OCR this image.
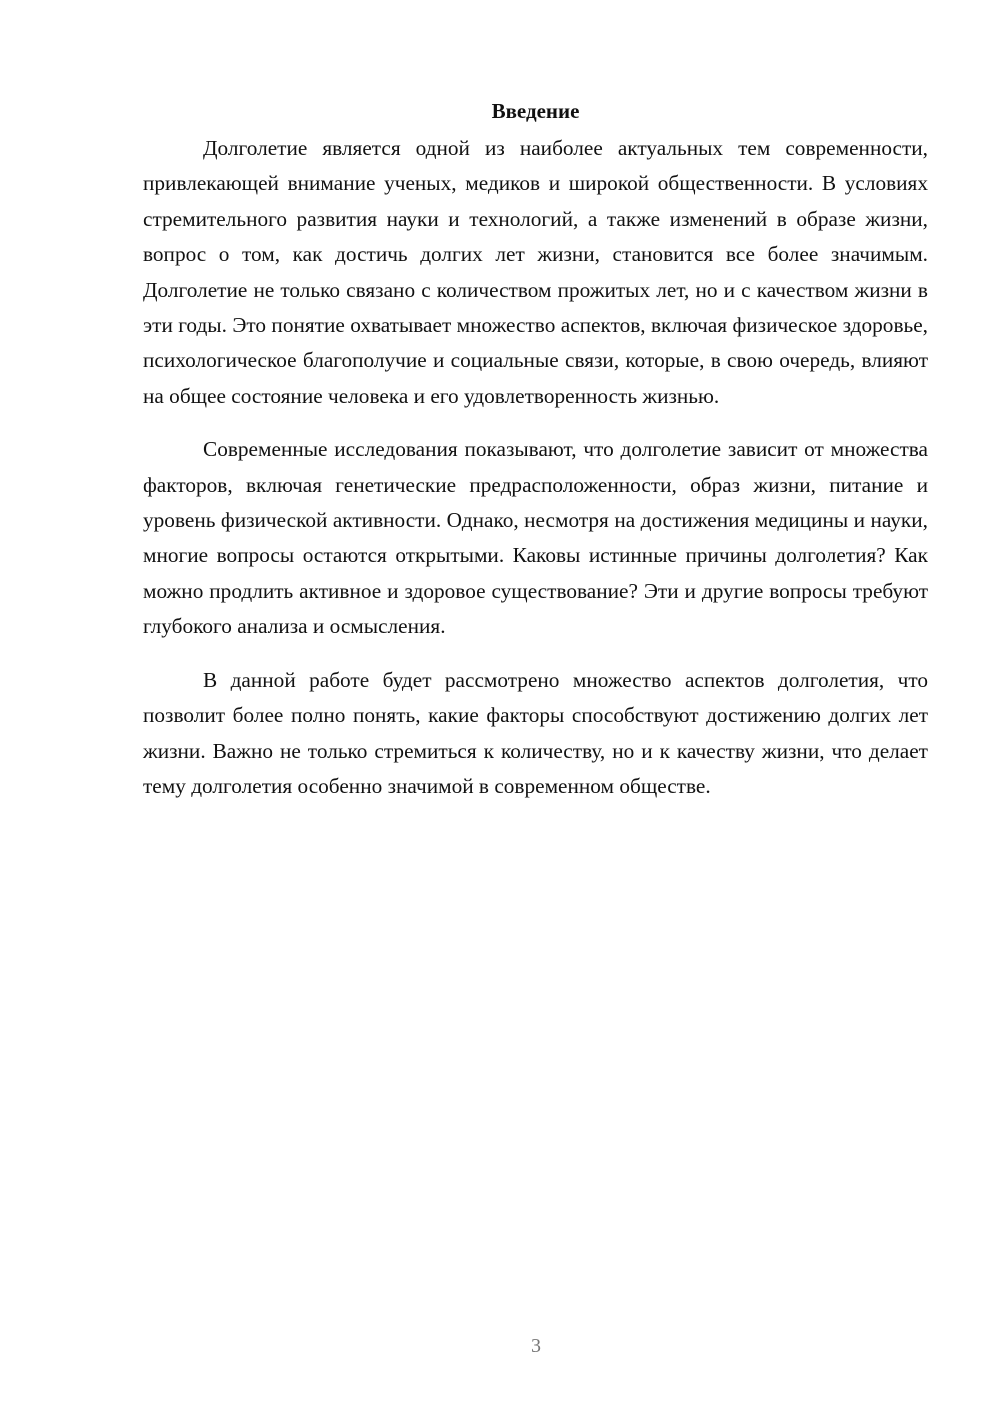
Введение

Долголетие является одной из наиболее актуальных тем современности, привлекающей внимание ученых, медиков и широкой общественности. В условиях стремительного развития науки и технологий, а также изменений в образе жизни, вопрос о том, как достичь долгих лет жизни, становится все более значимым. Долголетие не только связано с количеством прожитых лет, но и с качеством жизни в эти годы. Это понятие охватывает множество аспектов, включая физическое здоровье, психологическое благополучие и социальные связи, которые, в свою очередь, влияют на общее состояние человека и его удовлетворенность жизнью.

Современные исследования показывают, что долголетие зависит от множества факторов, включая генетические предрасположенности, образ жизни, питание и уровень физической активности. Однако, несмотря на достижения медицины и науки, многие вопросы остаются открытыми. Каковы истинные причины долголетия? Как можно продлить активное и здоровое существование? Эти и другие вопросы требуют глубокого анализа и осмысления.

В данной работе будет рассмотрено множество аспектов долголетия, что позволит более полно понять, какие факторы способствуют достижению долгих лет жизни. Важно не только стремиться к количеству, но и к качеству жизни, что делает тему долголетия особенно значимой в современном обществе.

3
